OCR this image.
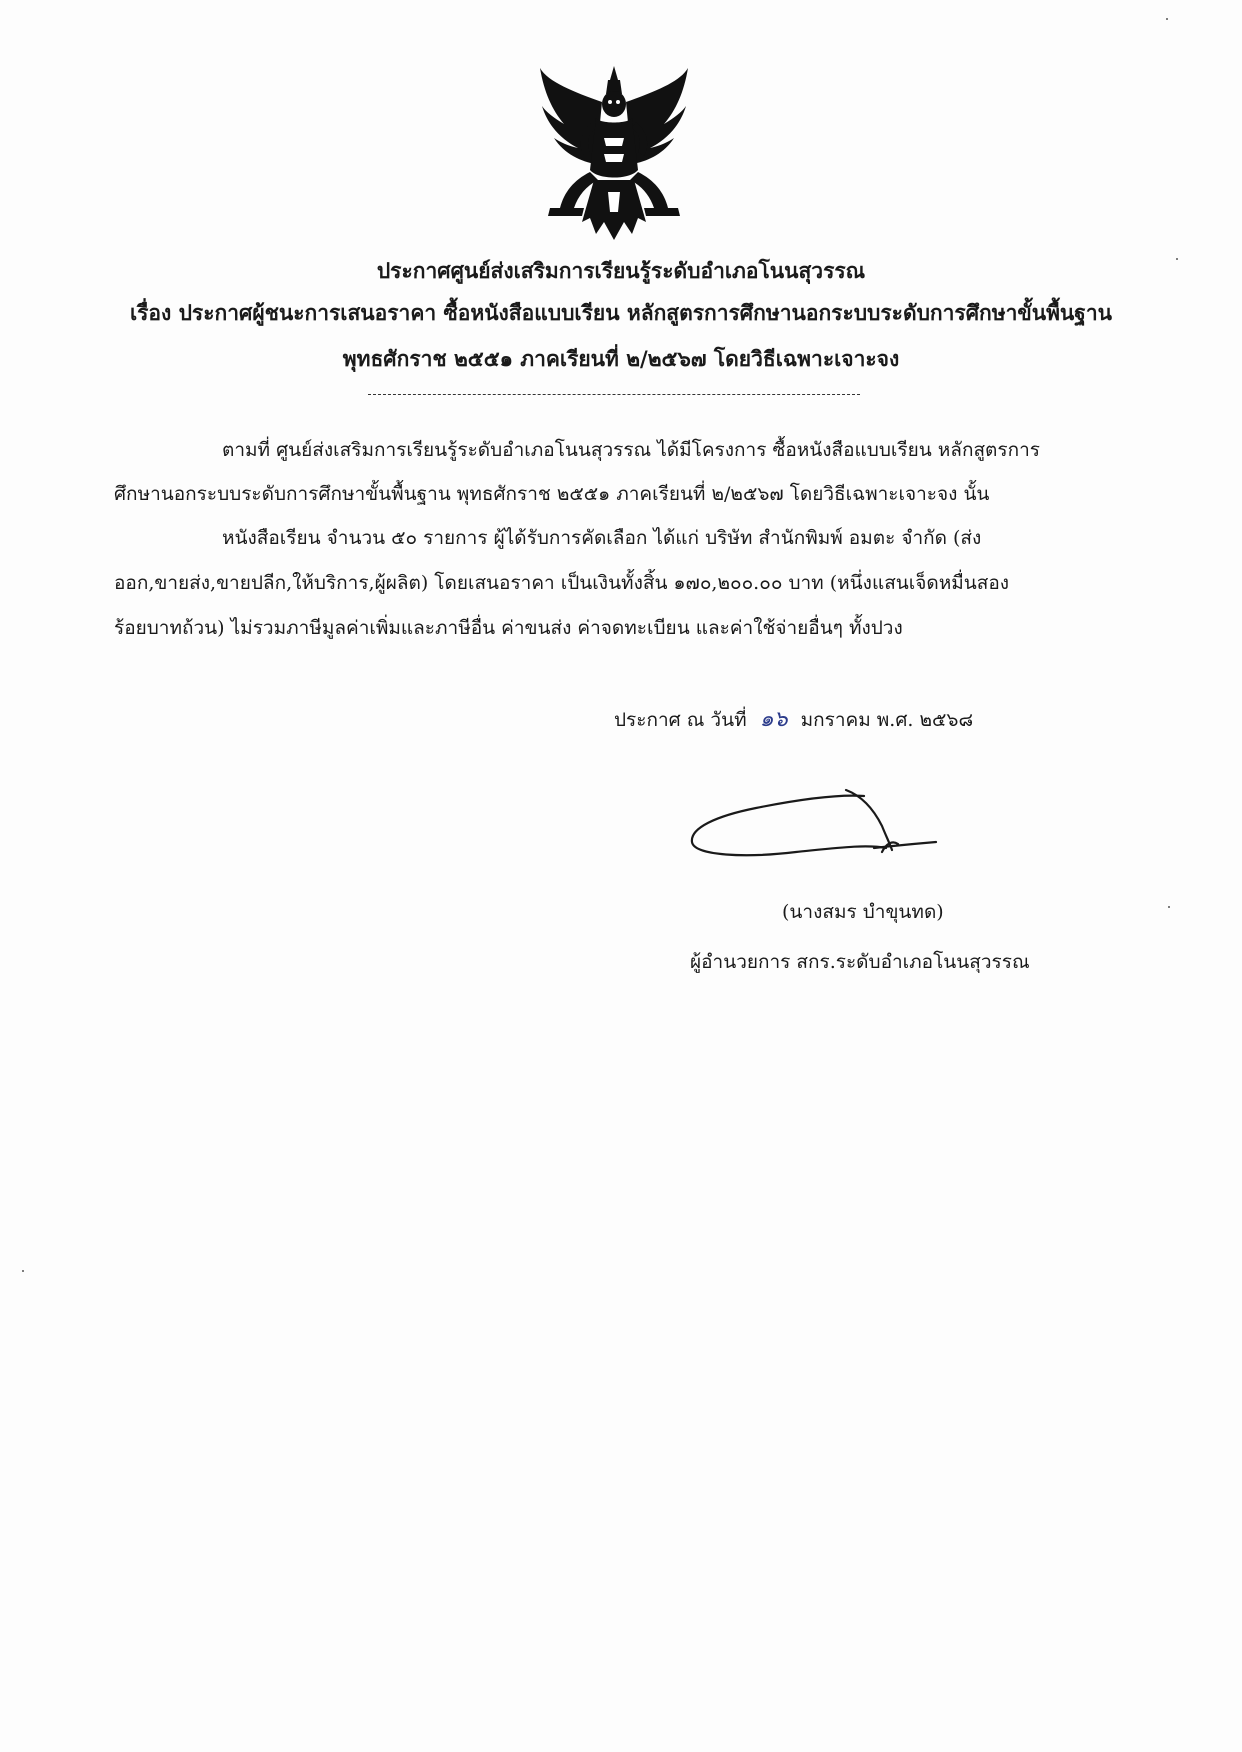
ประกาศศูนย์ส่งเสริมการเรียนรู้ระดับอำเภอโนนสุวรรณ
เรื่อง ประกาศผู้ชนะการเสนอราคา ซื้อหนังสือแบบเรียน หลักสูตรการศึกษานอกระบบระดับการศึกษาขั้นพื้นฐาน
พุทธศักราช ๒๕๕๑ ภาคเรียนที่ ๒/๒๕๖๗ โดยวิธีเฉพาะเจาะจง
ตามที่ ศูนย์ส่งเสริมการเรียนรู้ระดับอำเภอโนนสุวรรณ ได้มีโครงการ ซื้อหนังสือแบบเรียน หลักสูตรการ
ศึกษานอกระบบระดับการศึกษาขั้นพื้นฐาน พุทธศักราช ๒๕๕๑ ภาคเรียนที่ ๒/๒๕๖๗ โดยวิธีเฉพาะเจาะจง นั้น
หนังสือเรียน จำนวน ๕๐ รายการ ผู้ได้รับการคัดเลือก ได้แก่ บริษัท สำนักพิมพ์ อมตะ จำกัด (ส่ง
ออก,ขายส่ง,ขายปลีก,ให้บริการ,ผู้ผลิต) โดยเสนอราคา เป็นเงินทั้งสิ้น ๑๗๐,๒๐๐.๐๐ บาท (หนึ่งแสนเจ็ดหมื่นสอง
ร้อยบาทถ้วน) ไม่รวมภาษีมูลค่าเพิ่มและภาษีอื่น ค่าขนส่ง ค่าจดทะเบียน และค่าใช้จ่ายอื่นๆ ทั้งปวง
ประกาศ ณ วันที่ ๑๖ มกราคม พ.ศ. ๒๕๖๘
(นางสมร บำขุนทด)
ผู้อำนวยการ สกร.ระดับอำเภอโนนสุวรรณ
